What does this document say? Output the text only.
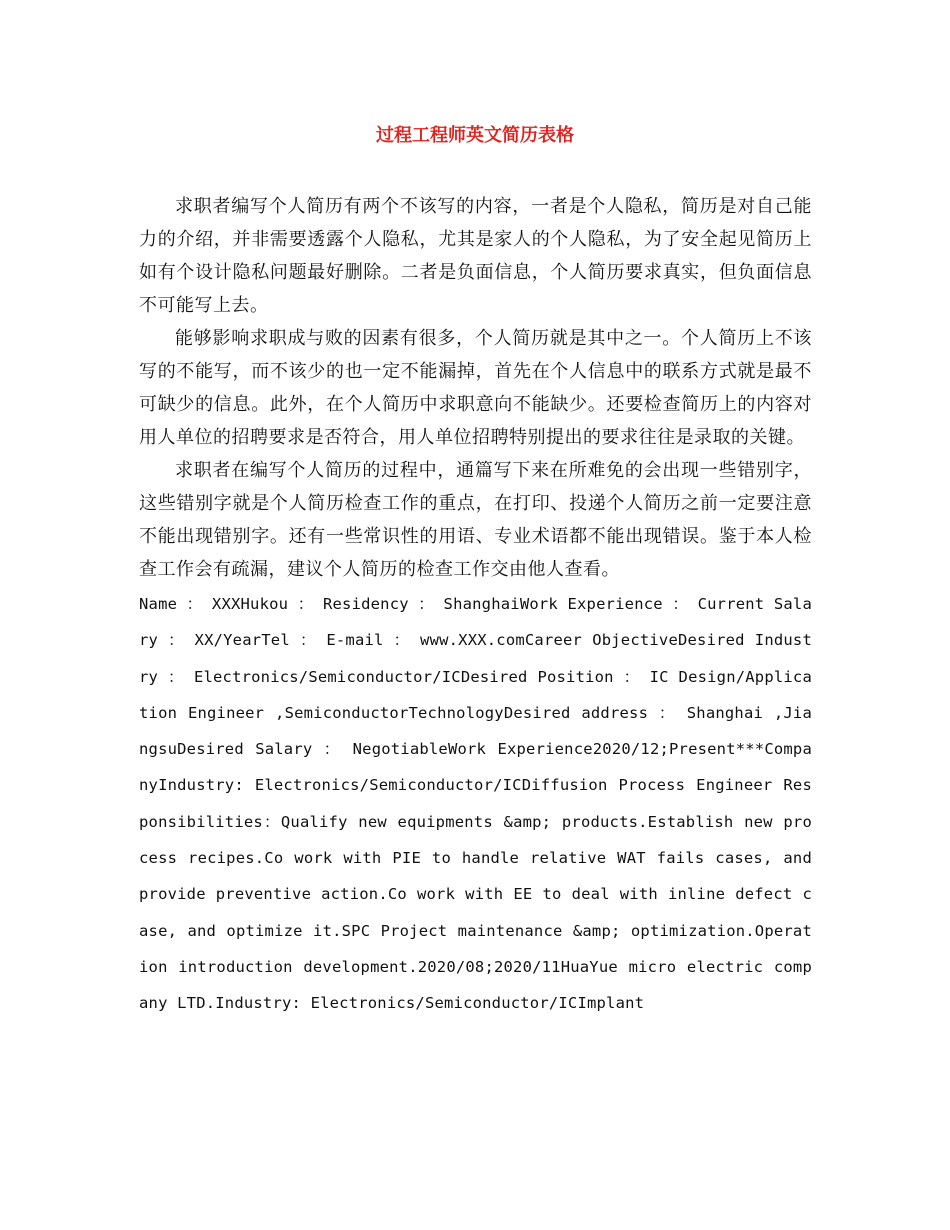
过程工程师英文简历表格

求职者编写个人简历有两个不该写的内容，一者是个人隐私，简历是对自己能力的介绍，并非需要透露个人隐私，尤其是家人的个人隐私，为了安全起见简历上如有个设计隐私问题最好删除。二者是负面信息，个人简历要求真实，但负面信息不可能写上去。

能够影响求职成与败的因素有很多，个人简历就是其中之一。个人简历上不该写的不能写，而不该少的也一定不能漏掉，首先在个人信息中的联系方式就是最不可缺少的信息。此外，在个人简历中求职意向不能缺少。还要检查简历上的内容对用人单位的招聘要求是否符合，用人单位招聘特别提出的要求往往是录取的关键。

求职者在编写个人简历的过程中，通篇写下来在所难免的会出现一些错别字，这些错别字就是个人简历检查工作的重点，在打印、投递个人简历之前一定要注意不能出现错别字。还有一些常识性的用语、专业术语都不能出现错误。鉴于本人检查工作会有疏漏，建议个人简历的检查工作交由他人查看。

Name ： XXXHukou ： Residency ： ShanghaiWork Experience ： Current Salary ： XX/YearTel ： E-mail ： www.XXX.comCareer ObjectiveDesired Industry ： Electronics/Semiconductor/ICDesired Position ： IC Design/Application Engineer ,SemiconductorTechnologyDesired address ： Shanghai ,JiangsuDesired Salary ： NegotiableWork Experience2020/12;Present***CompanyIndustry: Electronics/Semiconductor/ICDiffusion Process Engineer Responsibilities：Qualify new equipments &amp; products.Establish new process recipes.Co work with PIE to handle relative WAT fails cases, and provide preventive action.Co work with EE to deal with inline defect case, and optimize it.SPC Project maintenance &amp; optimization.Operation introduction development.2020/08;2020/11HuaYue micro electric company LTD.Industry: Electronics/Semiconductor/ICImplant
